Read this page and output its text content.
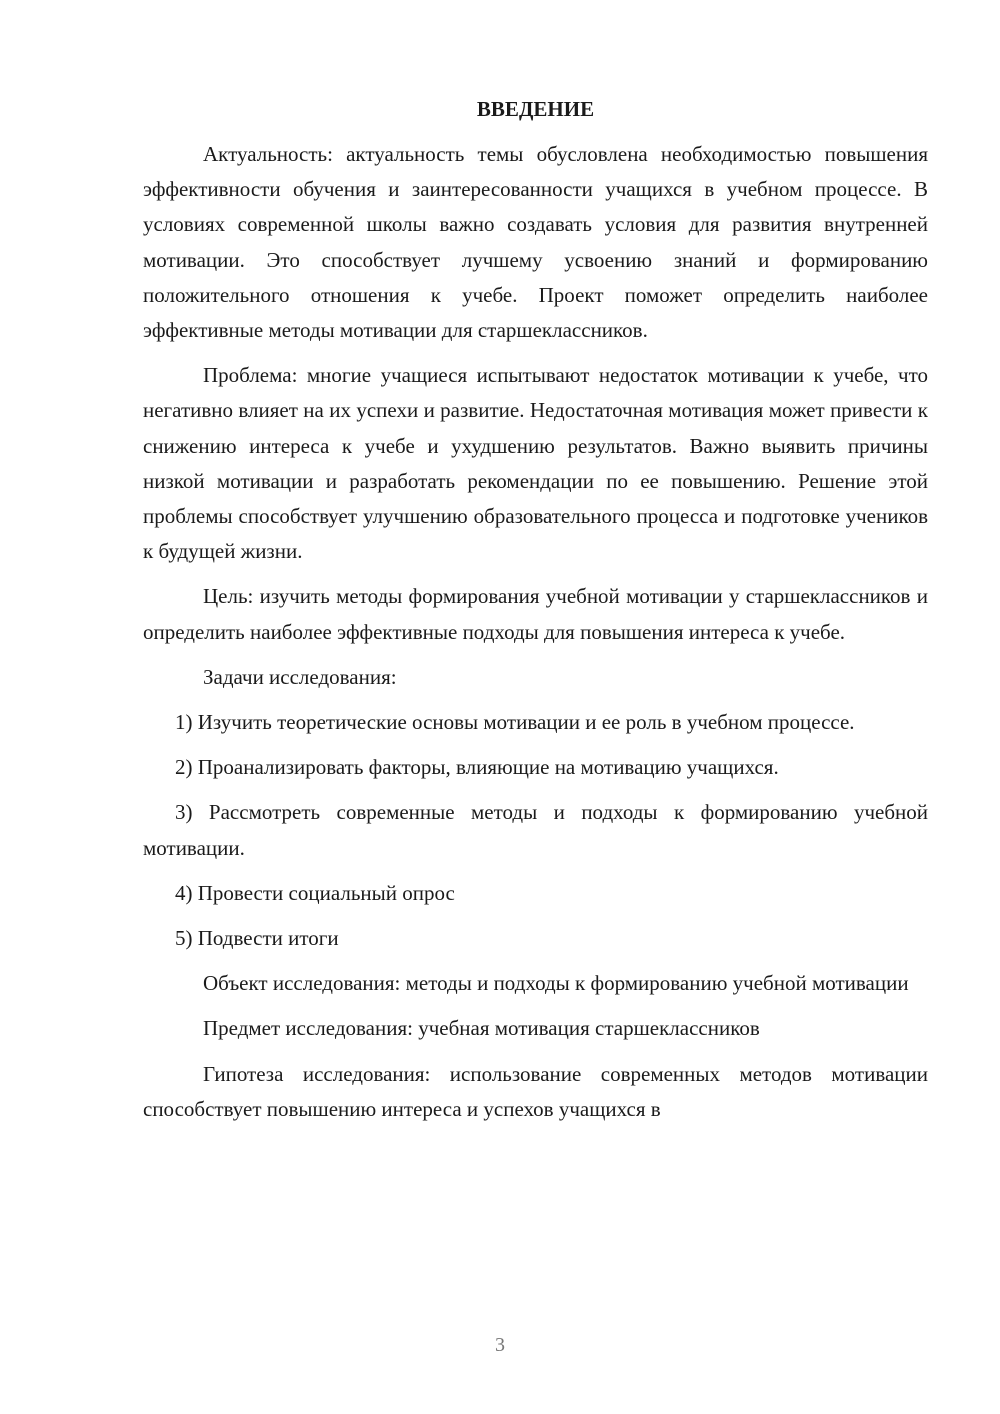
ВВЕДЕНИЕ

Актуальность: актуальность темы обусловлена необходимостью повышения эффективности обучения и заинтересованности учащихся в учебном процессе. В условиях современной школы важно создавать условия для развития внутренней мотивации. Это способствует лучшему усвоению знаний и формированию положительного отношения к учебе. Проект поможет определить наиболее эффективные методы мотивации для старшеклассников.

Проблема: многие учащиеся испытывают недостаток мотивации к учебе, что негативно влияет на их успехи и развитие. Недостаточная мотивация может привести к снижению интереса к учебе и ухудшению результатов. Важно выявить причины низкой мотивации и разработать рекомендации по ее повышению. Решение этой проблемы способствует улучшению образовательного процесса и подготовке учеников к будущей жизни.

Цель: изучить методы формирования учебной мотивации у старшеклассников и определить наиболее эффективные подходы для повышения интереса к учебе.

Задачи исследования:

1) Изучить теоретические основы мотивации и ее роль в учебном процессе.

2) Проанализировать факторы, влияющие на мотивацию учащихся.

3) Рассмотреть современные методы и подходы к формированию учебной мотивации.

4) Провести социальный опрос

5) Подвести итоги

Объект исследования: методы и подходы к формированию учебной мотивации

Предмет исследования: учебная мотивация старшеклассников

Гипотеза исследования: использование современных методов мотивации способствует повышению интереса и успехов учащихся в

3
